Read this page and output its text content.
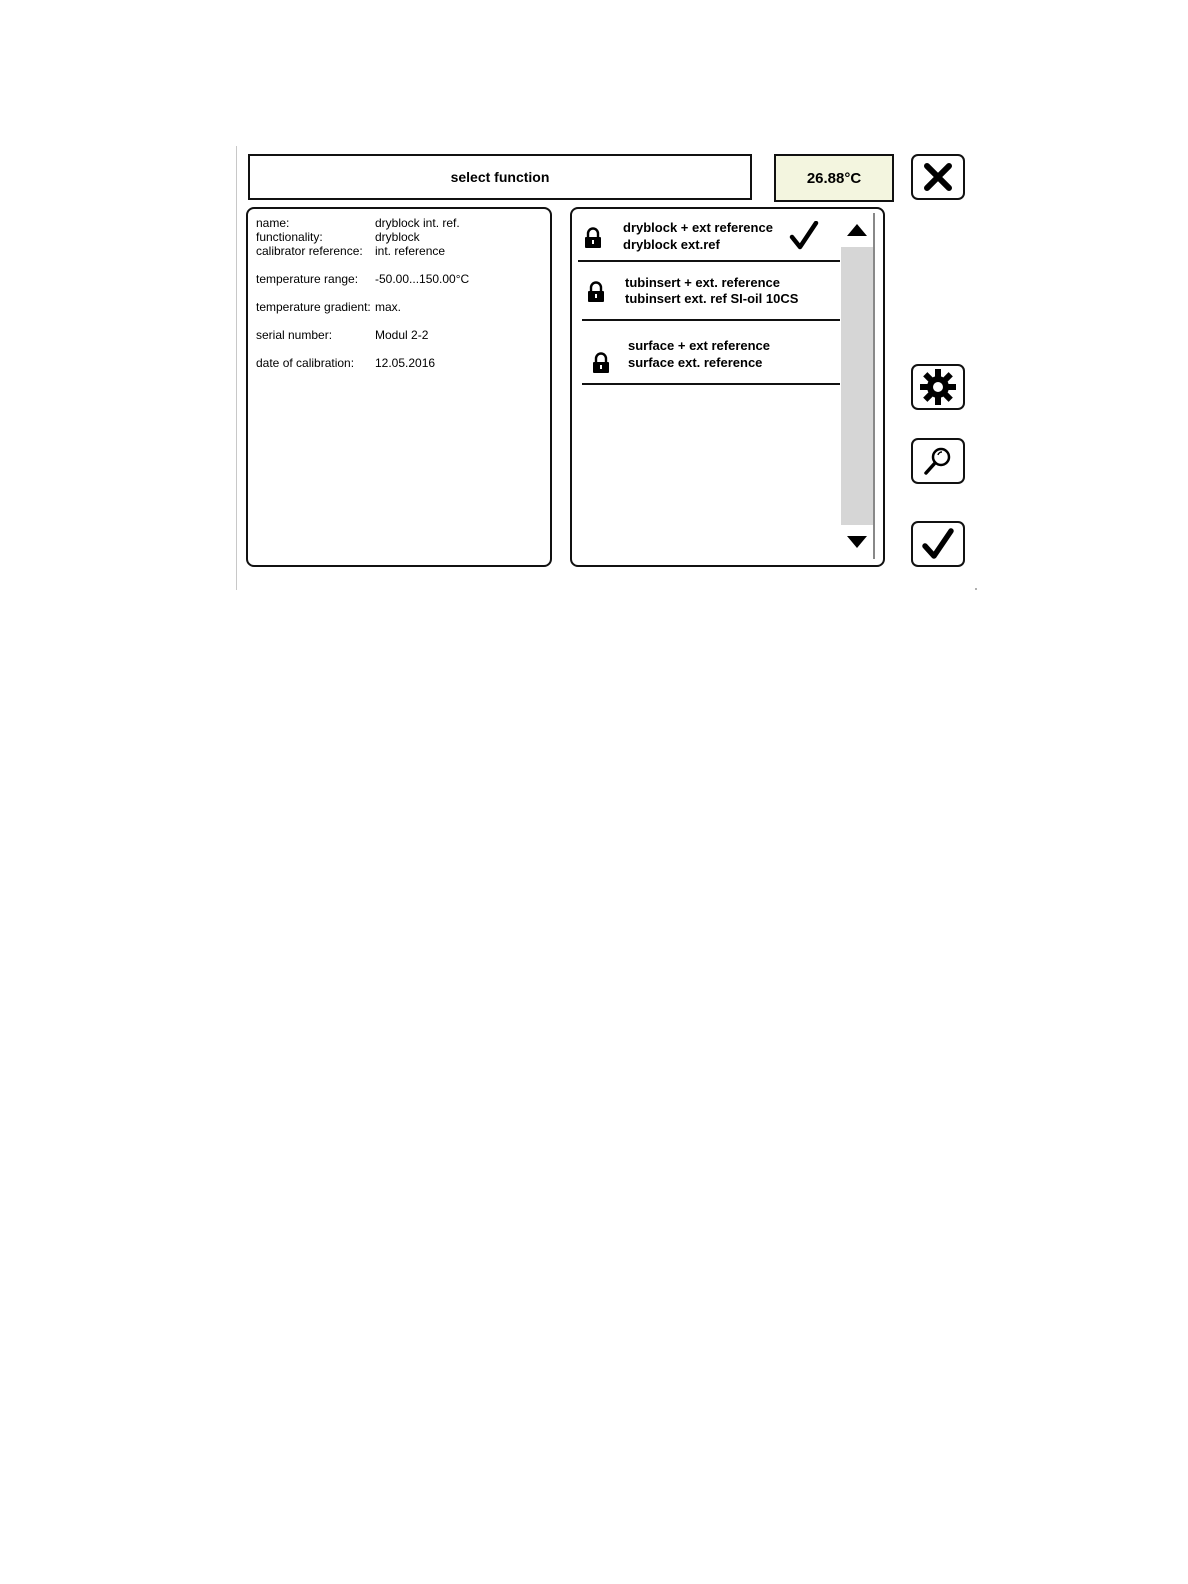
select function	26.88°C
name:	dryblock int. ref.
functionality:	dryblock
calibrator reference: int. reference
temperature range: -50.00...150.00°C
temperature gradient: max.
serial number:	Modul 2-2
date of calibration: 12.05.2016
dryblock + ext reference
dryblock ext.ref
tubinsert + ext. reference
tubinsert ext. ref SI-oil 10CS
surface + ext reference
surface ext. reference
